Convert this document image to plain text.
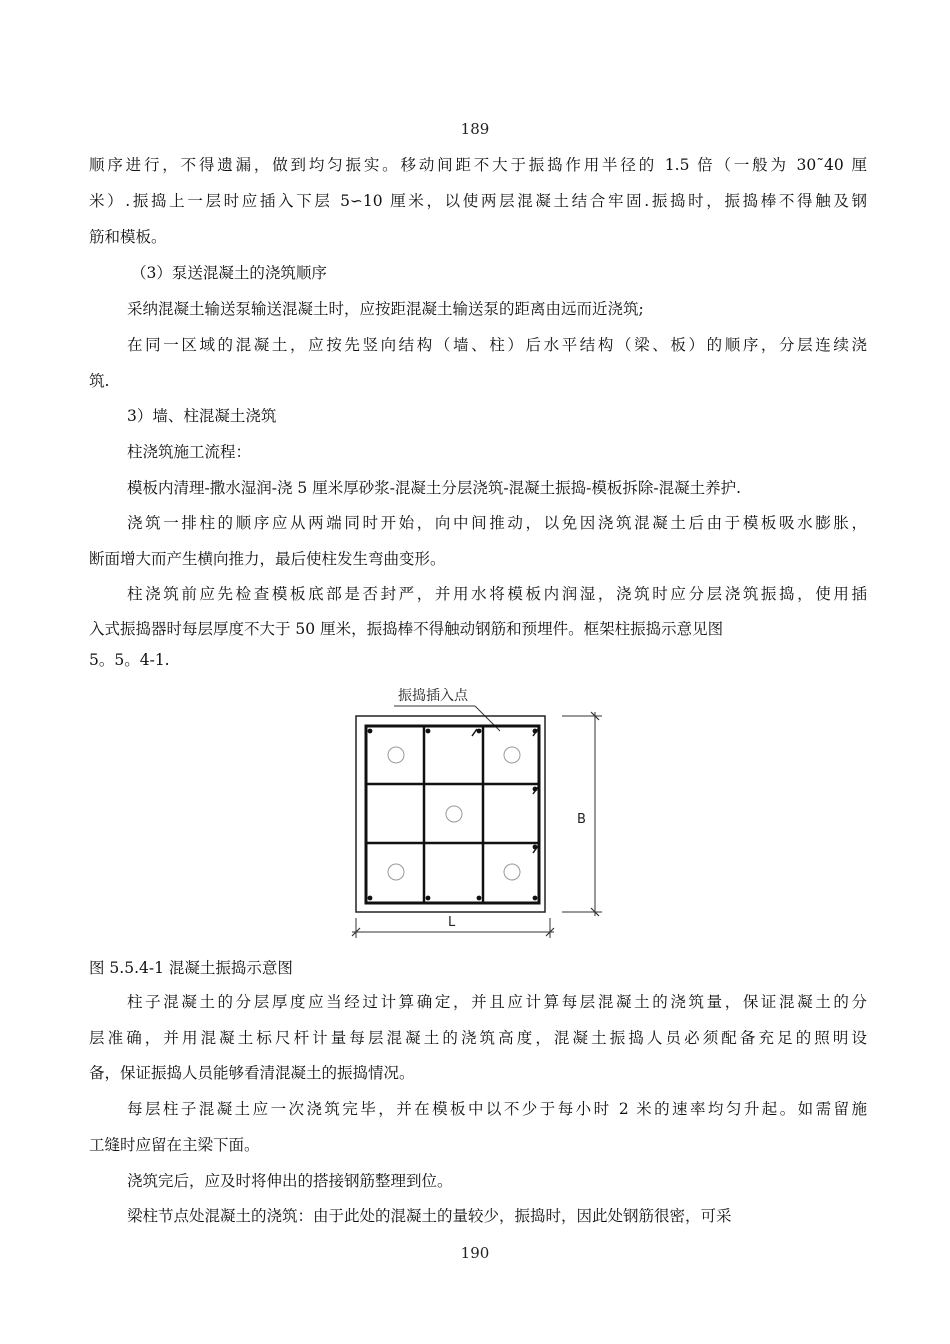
189
顺序进行，不得遗漏，做到均匀振实。移动间距不大于振捣作用半径的 1.5 倍（一般为 30˜40 厘
米）.振捣上一层时应插入下层 5∽10 厘米，以使两层混凝土结合牢固.振捣时，振捣棒不得触及钢
筋和模板。
（3）泵送混凝土的浇筑顺序
采纳混凝土输送泵输送混凝土时，应按距混凝土输送泵的距离由远而近浇筑;
在同一区域的混凝土，应按先竖向结构（墙、柱）后水平结构（梁、板）的顺序，分层连续浇
筑.
3）墙、柱混凝土浇筑
柱浇筑施工流程：
模板内清理-撒水湿润-浇 5 厘米厚砂浆-混凝土分层浇筑-混凝土振捣-模板拆除-混凝土养护.
浇筑一排柱的顺序应从两端同时开始，向中间推动，以免因浇筑混凝土后由于模板吸水膨胀，
断面增大而产生横向推力，最后使柱发生弯曲变形。
柱浇筑前应先检查模板底部是否封严，并用水将模板内润湿，浇筑时应分层浇筑振捣，使用插
入式振捣器时每层厚度不大于 50 厘米，振捣棒不得触动钢筋和预埋件。框架柱振捣示意见图
5。5。4-1.
振捣插入点
B
L
图 5.5.4-1 混凝土振捣示意图
柱子混凝土的分层厚度应当经过计算确定，并且应计算每层混凝土的浇筑量，保证混凝土的分
层准确，并用混凝土标尺杆计量每层混凝土的浇筑高度，混凝土振捣人员必须配备充足的照明设
备，保证振捣人员能够看清混凝土的振捣情况。
每层柱子混凝土应一次浇筑完毕，并在模板中以不少于每小时 2 米的速率均匀升起。如需留施
工缝时应留在主梁下面。
浇筑完后，应及时将伸出的搭接钢筋整理到位。
梁柱节点处混凝土的浇筑：由于此处的混凝土的量较少，振捣时，因此处钢筋很密，可采
190
